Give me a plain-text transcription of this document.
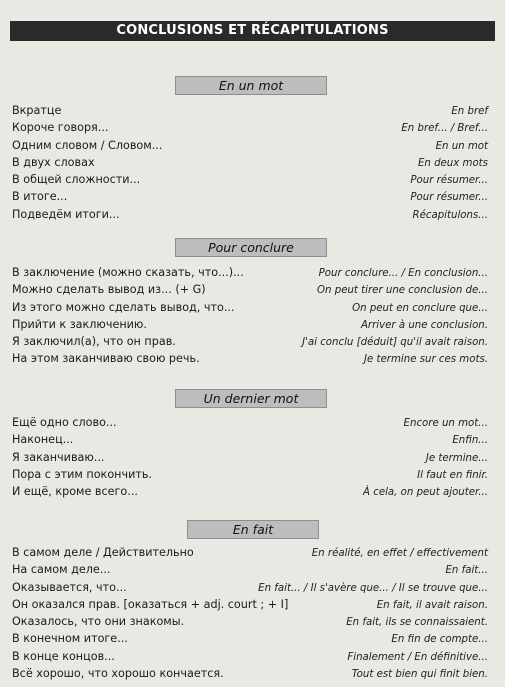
CONCLUSIONS ET RÉCAPITULATIONS
En un mot
Вкратце	En bref
Короче говоря...	En bref... / Bref...
Одним словом / Словом...	En un mot
В двух словах	En deux mots
В общей сложности...	Pour résumer...
В итоге...	Pour résumer...
Подведём итоги...	Récapitulons...
Pour conclure
В заключение (можно сказать, что...)...	Pour conclure... / En conclusion...
Можно сделать вывод из... (+ G)	On peut tirer une conclusion de...
Из этого можно сделать вывод, что...	On peut en conclure que...
Прийти к заключению.	Arriver à une conclusion.
Я заключил(а), что он прав.	J'ai conclu [déduit] qu'il avait raison.
На этом заканчиваю свою речь.	Je termine sur ces mots.
Un dernier mot
Ещё одно слово...	Encore un mot...
Наконец...	Enfin...
Я заканчиваю...	Je termine...
Пора с этим покончить.	Il faut en finir.
И ещё, кроме всего...	À cela, on peut ajouter...
En fait
В самом деле / Действительно	En réalité, en effet / effectivement
На самом деле...	En fait...
Оказывается, что...	En fait... / Il s'avère que... / Il se trouve que...
Он оказался прав. [оказаться + adj. court ; + I]	En fait, il avait raison.
Оказалось, что они знакомы.	En fait, ils se connaissaient.
В конечном итоге...	En fin de compte...
В конце концов...	Finalement / En définitive...
Всё хорошо, что хорошо кончается.	Tout est bien qui finit bien.
